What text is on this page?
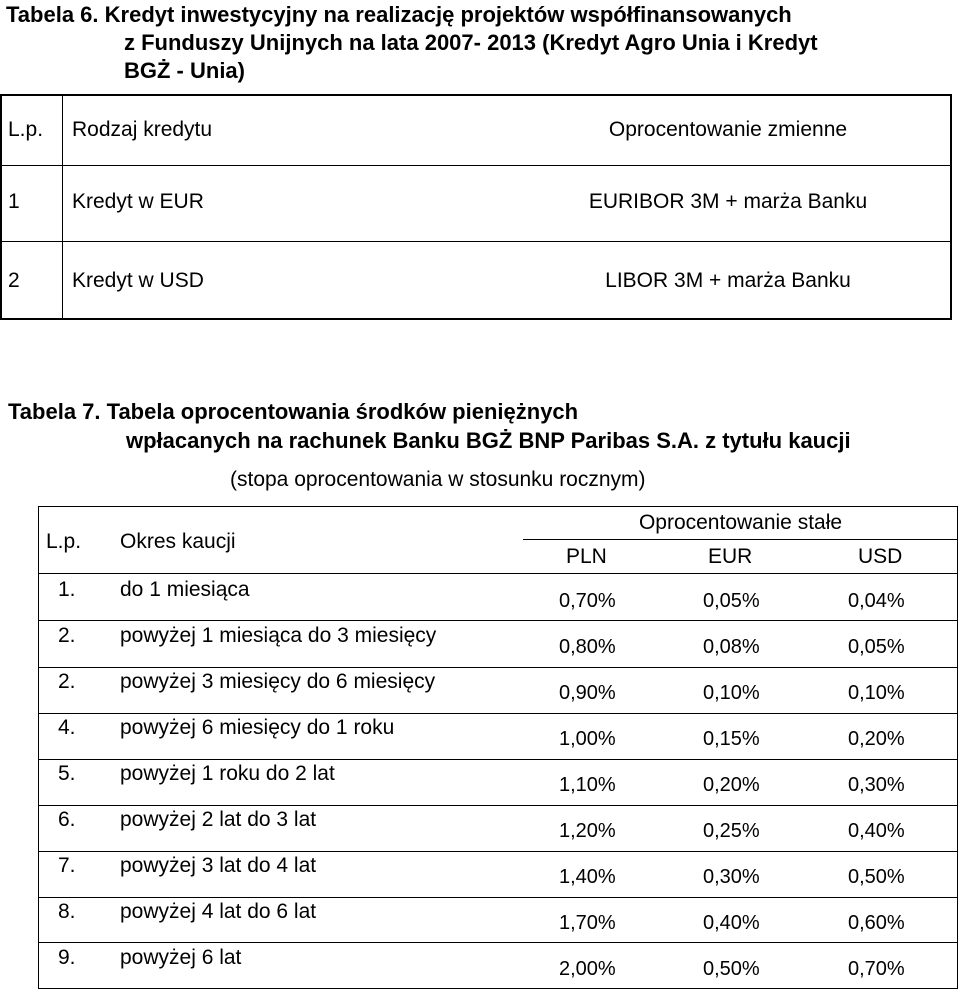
Tabela 6. Kredyt inwestycyjny na realizację projektów współfinansowanych
z Funduszy Unijnych na lata 2007- 2013 (Kredyt Agro Unia i Kredyt
BGŻ - Unia)
L.p. Rodzaj kredytu	Oprocentowanie zmienne
1 Kredyt w EUR	EURIBOR 3M + marża Banku
2 Kredyt w USD	LIBOR 3M + marża Banku
Tabela 7. Tabela oprocentowania środków pieniężnych
wpłacanych na rachunek Banku BGŻ BNP Paribas S.A. z tytułu kaucji
(stopa oprocentowania w stosunku rocznym)
L.p. Okres kaucji
Oprocentowanie stałe
PLN	EUR	USD
1. do 1 miesiąca	0,70%	0,05%	0,04%
2. powyżej 1 miesiąca do 3 miesięcy	0,80%	0,08%	0,05%
2. powyżej 3 miesięcy do 6 miesięcy	0,90%	0,10%	0,10%
4. powyżej 6 miesięcy do 1 roku	1,00%	0,15%	0,20%
5. powyżej 1 roku do 2 lat	1,10%	0,20%	0,30%
6. powyżej 2 lat do 3 lat	1,20%	0,25%	0,40%
7. powyżej 3 lat do 4 lat	1,40%	0,30%	0,50%
8. powyżej 4 lat do 6 lat	1,70%	0,40%	0,60%
9. powyżej 6 lat	2,00%	0,50%	0,70%
